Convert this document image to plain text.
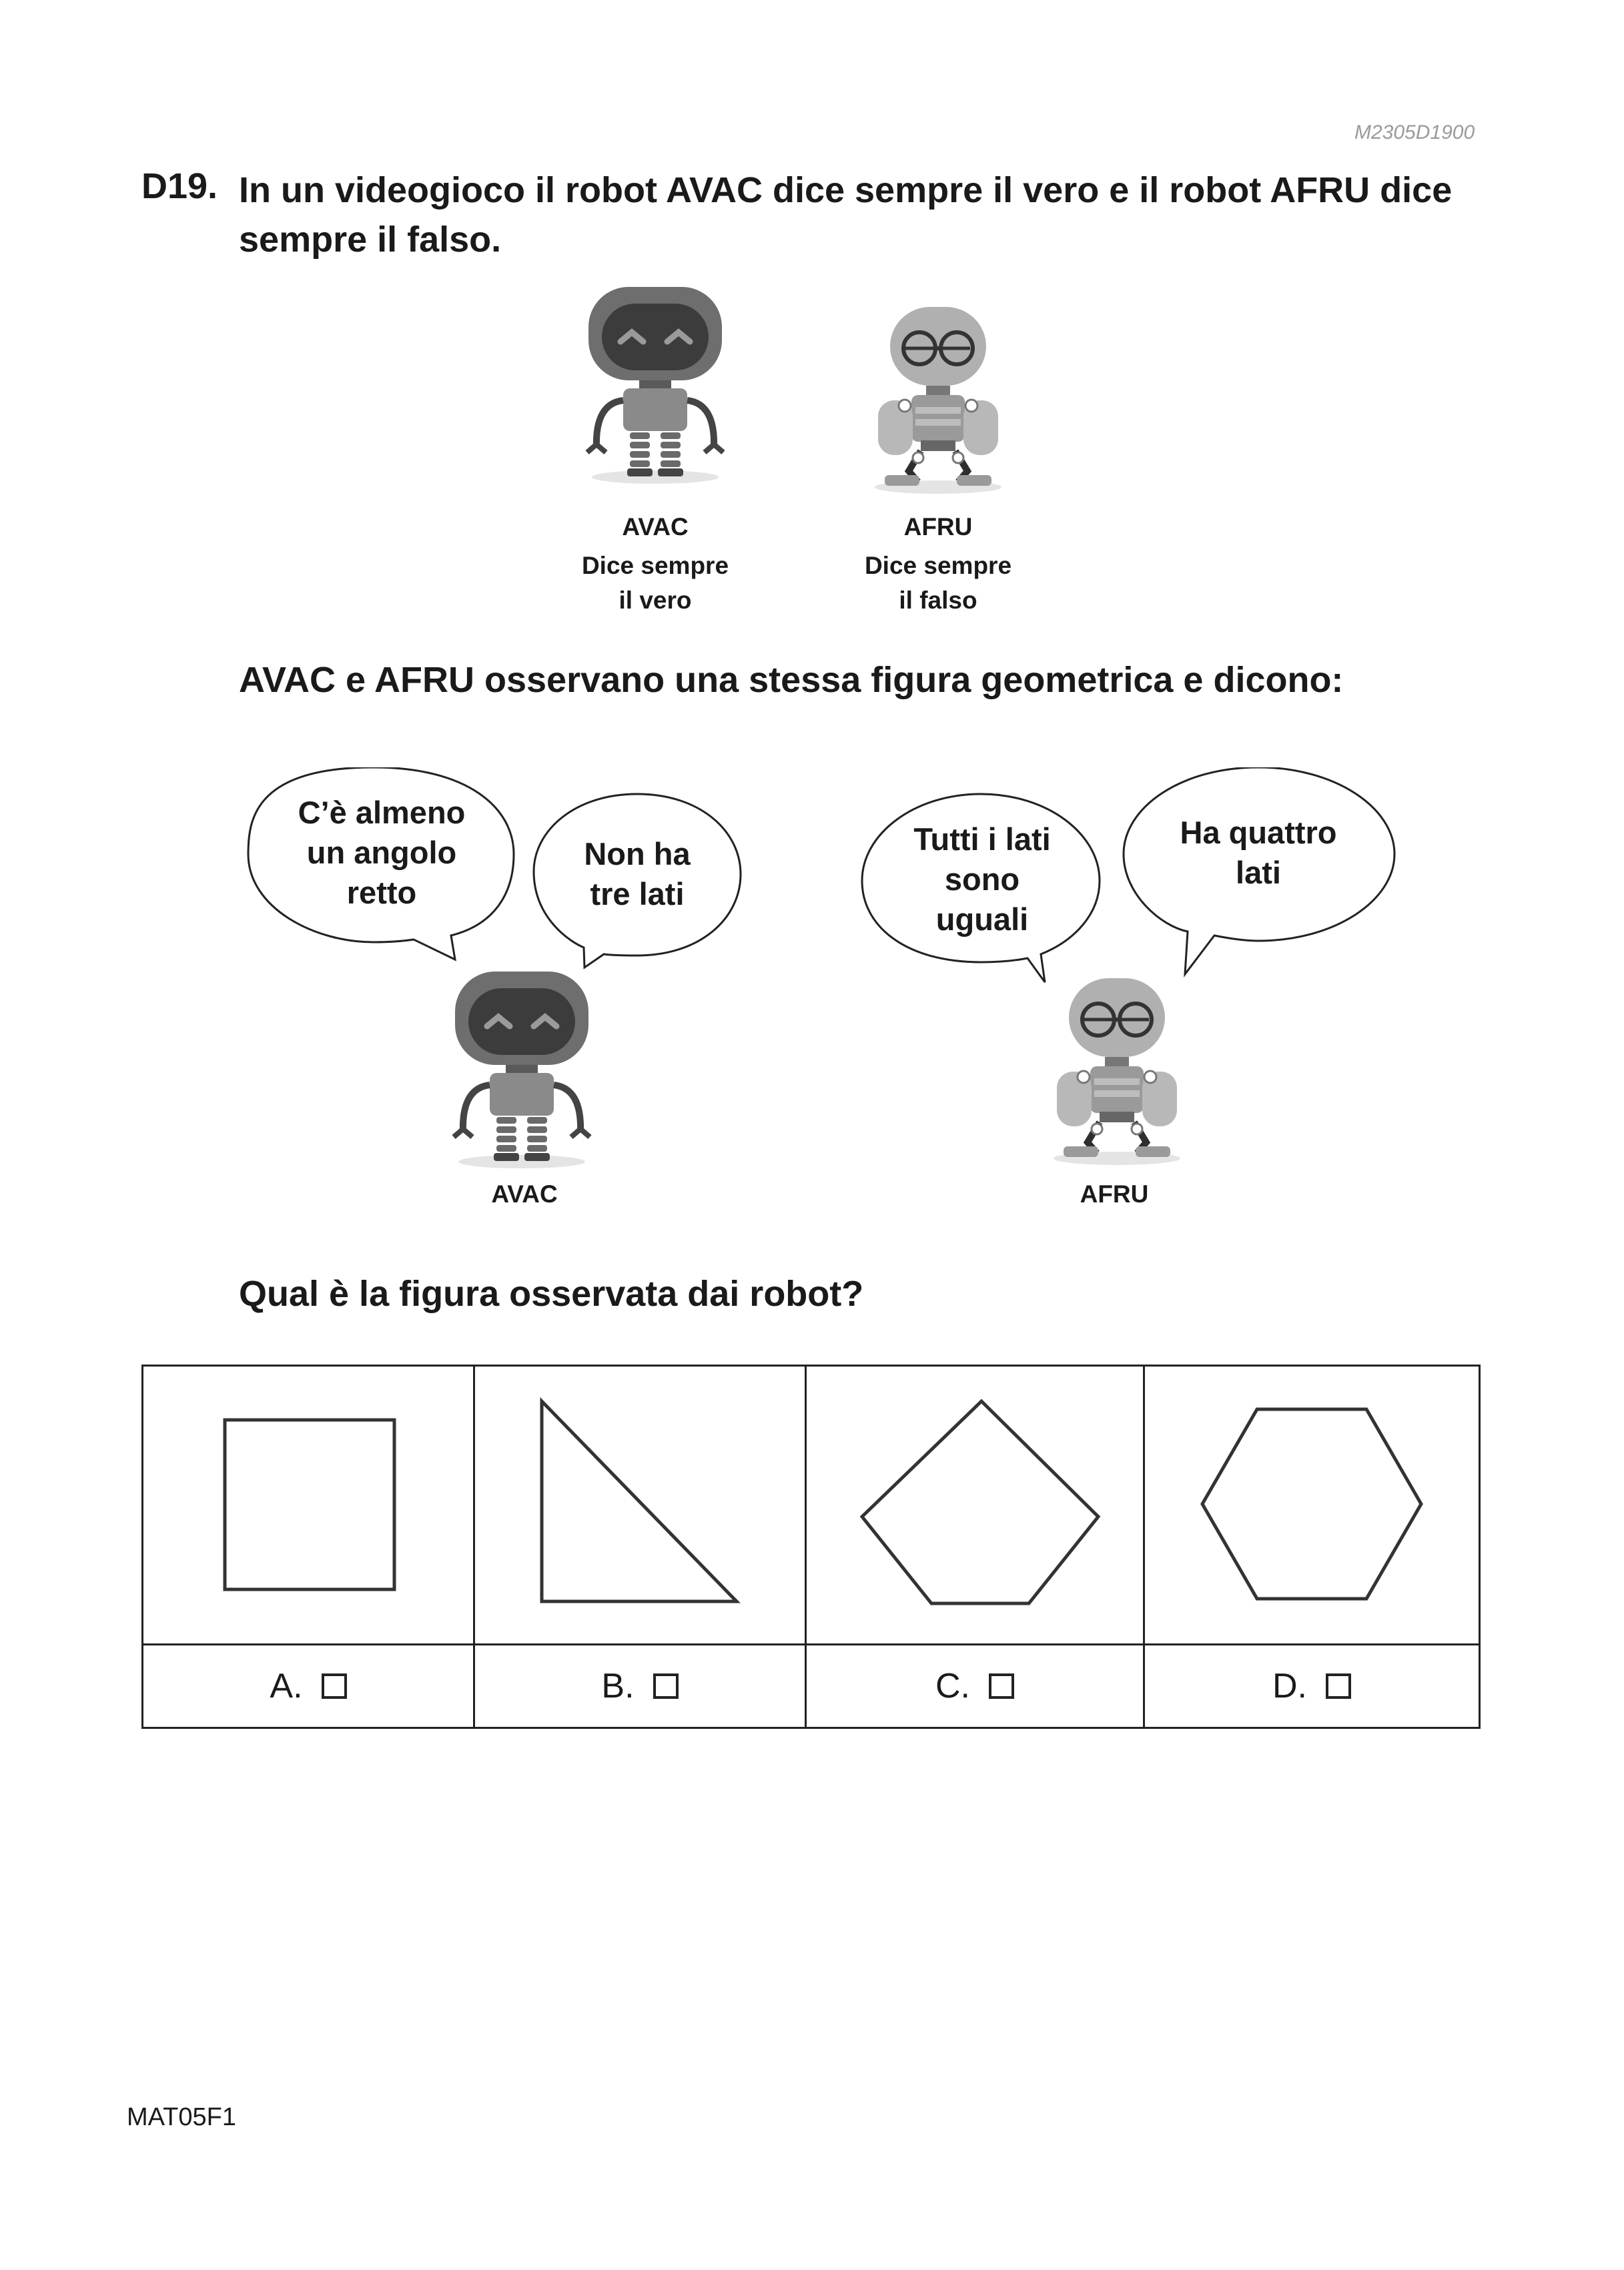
M2305D1900
D19. In un videogioco il robot AVAC dice sempre il vero e il robot AFRU dice
sempre il falso.
AVAC
Dice sempre
il vero
AFRU
Dice sempre
il falso
AVAC e AFRU osservano una stessa figura geometrica e dicono:
C’è almeno
un angolo
retto
Non ha
tre lati
Tutti i lati
sono
uguali
Ha quattro
lati
AVAC	AFRU
Qual è la figura osservata dai robot?

A.	B.	C.	D.
MAT05F1
